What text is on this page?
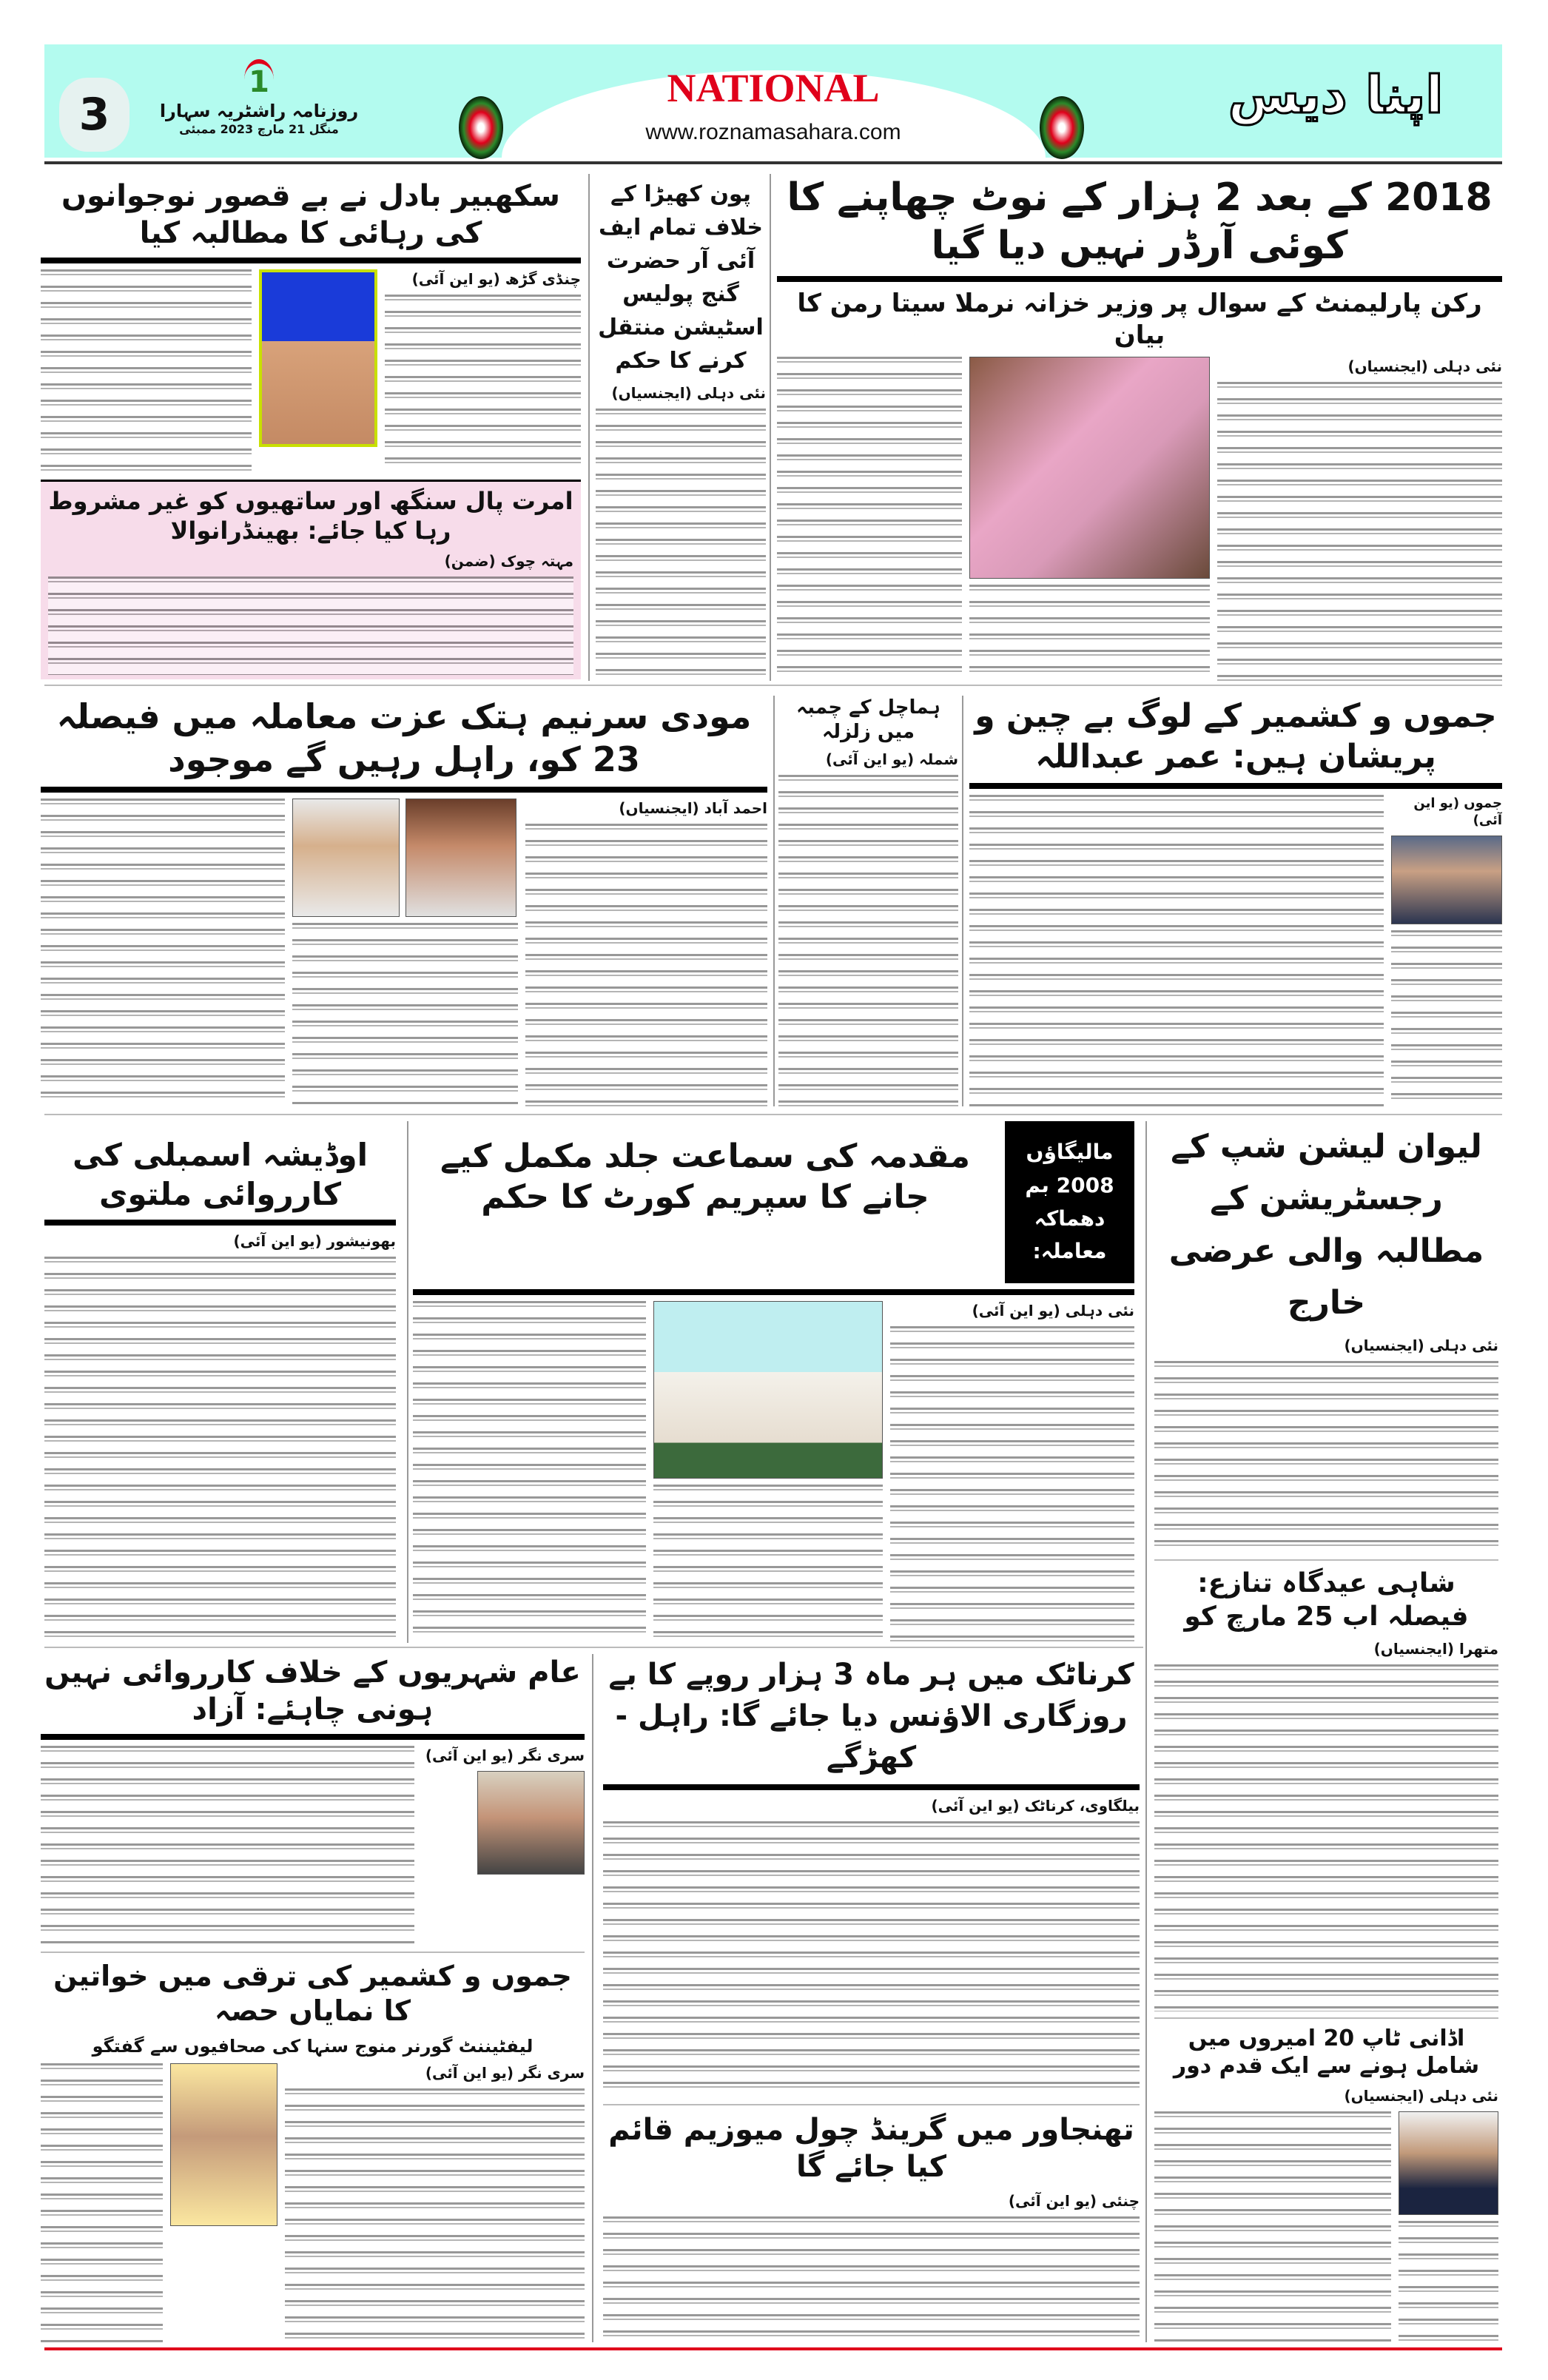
3
1
روزنامہ راشٹریہ سہارا
منگل 21 مارچ 2023 ممبئی
NATIONAL
www.roznamasahara.com
اپنا دیس
2018 کے بعد 2 ہزار کے نوٹ چھاپنے کا کوئی آرڈر نہیں دیا گیا
رکن پارلیمنٹ کے سوال پر وزیر خزانہ نرملا سیتا رمن کا بیان
نئی دہلی (ایجنسیاں)
پون کھیڑا کے خلاف تمام ایف آئی آر حضرت گنج پولیس اسٹیشن منتقل کرنے کا حکم
نئی دہلی (ایجنسیاں)
سکھبیر بادل نے بے قصور نوجوانوں کی رہائی کا مطالبہ کیا
چنڈی گڑھ (یو این آئی)
امرت پال سنگھ اور ساتھیوں کو غیر مشروط رہا کیا جائے: بھینڈرانوالا
مہتہ چوک (ضمن)
جموں و کشمیر کے لوگ بے چین و پریشان ہیں: عمر عبداللہ
جموں (یو این آئی)
ہماچل کے چمبہ میں زلزلہ
شملہ (یو این آئی)
مودی سرنیم ہتک عزت معاملہ میں فیصلہ 23 کو، راہل رہیں گے موجود
احمد آباد (ایجنسیاں)
لیوان لیشن شپ کے رجسٹریشن کے مطالبہ والی عرضی خارج
نئی دہلی (ایجنسیاں)
شاہی عیدگاہ تنازع: فیصلہ اب 25 مارچ کو
متھرا (ایجنسیاں)
اڈانی ٹاپ 20 امیروں میں شامل ہونے سے ایک قدم دور
نئی دہلی (ایجنسیاں)
مقدمہ کی سماعت جلد مکمل کیے جانے کا سپریم کورٹ کا حکم
مالیگاؤں 2008 بم دھماکہ معاملہ:
نئی دہلی (یو این آئی)
اوڈیشہ اسمبلی کی کارروائی ملتوی
بھونیشور (یو این آئی)
عام شہریوں کے خلاف کارروائی نہیں ہونی چاہئے: آزاد
سری نگر (یو این آئی)
جموں و کشمیر کی ترقی میں خواتین کا نمایاں حصہ
لیفٹیننٹ گورنر منوج سنہا کی صحافیوں سے گفتگو
سری نگر (یو این آئی)
کرناٹک میں ہر ماہ 3 ہزار روپے کا بے روزگاری الاؤنس دیا جائے گا: راہل - کھڑگے
بیلگاوی، کرناٹک (یو این آئی)
تھنجاور میں گرینڈ چول میوزیم قائم کیا جائے گا
چنئی (یو این آئی)
